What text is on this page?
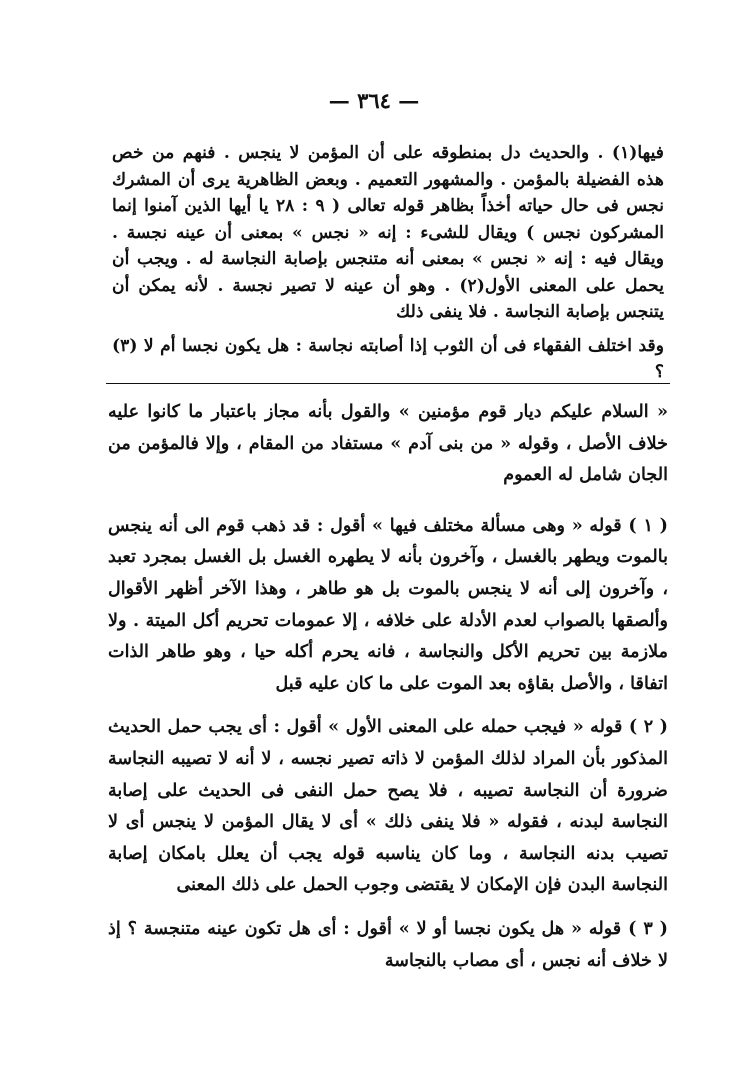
— ٣٦٤ —

فيها(١) . والحديث دل بمنطوقه على أن المؤمن لا ينجس . فنهم من خص هذه الفضيلة بالمؤمن . والمشهور التعميم . وبعض الظاهرية يرى أن المشرك نجس فى حال حياته أخذاً بظاهر قوله تعالى ( ٩ : ٢٨ يا أيها الذين آمنوا إنما المشركون نجس ) ويقال للشىء : إنه « نجس » بمعنى أن عينه نجسة . ويقال فيه : إنه « نجس » بمعنى أنه متنجس بإصابة النجاسة له . ويجب أن يحمل على المعنى الأول(٢) . وهو أن عينه لا تصير نجسة . لأنه يمكن أن يتنجس بإصابة النجاسة . فلا ينفى ذلك

وقد اختلف الفقهاء فى أن الثوب إذا أصابته نجاسة : هل يكون نجسا أم لا (٣) ؟

« السلام عليكم ديار قوم مؤمنين » والقول بأنه مجاز باعتبار ما كانوا عليه خلاف الأصل ، وقوله « من بنى آدم » مستفاد من المقام ، وإلا فالمؤمن من الجان شامل له العموم

( ١ ) قوله « وهى مسألة مختلف فيها » أقول : قد ذهب قوم الى أنه ينجس بالموت ويطهر بالغسل ، وآخرون بأنه لا يطهره الغسل بل الغسل بمجرد تعبد ، وآخرون إلى أنه لا ينجس بالموت بل هو طاهر ، وهذا الآخر أظهر الأقوال وألصقها بالصواب لعدم الأدلة على خلافه ، إلا عمومات تحريم أكل الميتة . ولا ملازمة بين تحريم الأكل والنجاسة ، فانه يحرم أكله حيا ، وهو طاهر الذات اتفاقا ، والأصل بقاؤه بعد الموت على ما كان عليه قبل

( ٢ ) قوله « فيجب حمله على المعنى الأول » أقول : أى يجب حمل الحديث المذكور بأن المراد لذلك المؤمن لا ذاته تصير نجسه ، لا أنه لا تصيبه النجاسة ضرورة أن النجاسة تصيبه ، فلا يصح حمل النفى فى الحديث على إصابة النجاسة لبدنه ، فقوله « فلا ينفى ذلك » أى لا يقال المؤمن لا ينجس أى لا تصيب بدنه النجاسة ، وما كان يناسبه قوله يجب أن يعلل بامكان إصابة النجاسة البدن فإن الإمكان لا يقتضى وجوب الحمل على ذلك المعنى

( ٣ ) قوله « هل يكون نجسا أو لا » أقول : أى هل تكون عينه متنجسة ؟ إذ لا خلاف أنه نجس ، أى مصاب بالنجاسة
